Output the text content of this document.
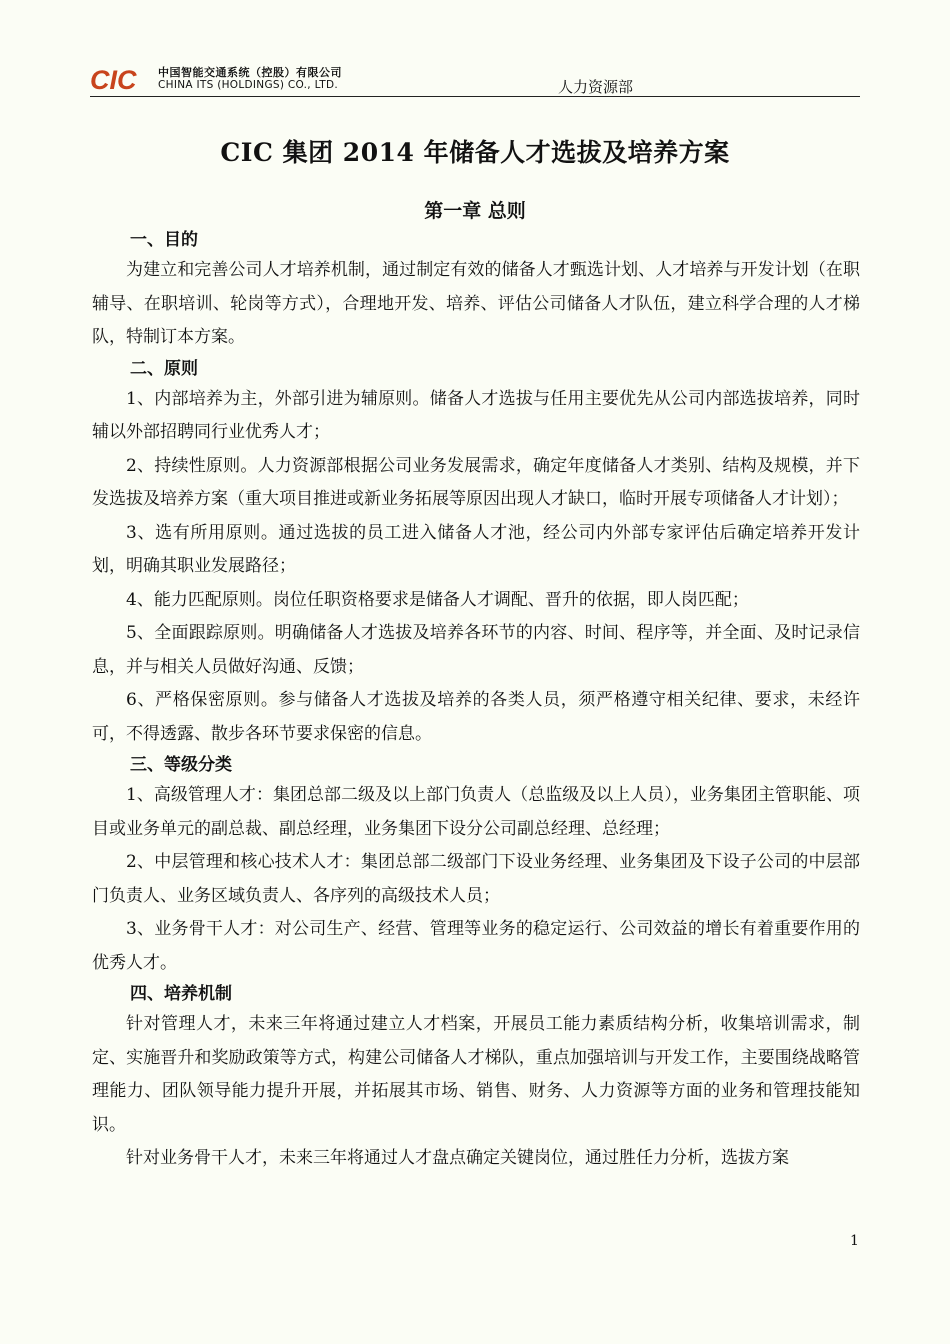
CIC 中国智能交通系统（控股）有限公司
CHINA ITS (HOLDINGS) CO., LTD.	人力资源部
CIC 集团 2014 年储备人才选拔及培养方案
第一章 总则
一、目的

为建立和完善公司人才培养机制，通过制定有效的储备人才甄选计划、人才培养与开发计划（在职辅导、在职培训、轮岗等方式），合理地开发、培养、评估公司储备人才队伍，建立科学合理的人才梯队，特制订本方案。

二、原则

1、内部培养为主，外部引进为辅原则。储备人才选拔与任用主要优先从公司内部选拔培养，同时辅以外部招聘同行业优秀人才；

2、持续性原则。人力资源部根据公司业务发展需求，确定年度储备人才类别、结构及规模，并下发选拔及培养方案（重大项目推进或新业务拓展等原因出现人才缺口，临时开展专项储备人才计划）；

3、选有所用原则。通过选拔的员工进入储备人才池，经公司内外部专家评估后确定培养开发计划，明确其职业发展路径；

4、能力匹配原则。岗位任职资格要求是储备人才调配、晋升的依据，即人岗匹配；

5、全面跟踪原则。明确储备人才选拔及培养各环节的内容、时间、程序等，并全面、及时记录信息，并与相关人员做好沟通、反馈；

6、严格保密原则。参与储备人才选拔及培养的各类人员，须严格遵守相关纪律、要求，未经许可，不得透露、散步各环节要求保密的信息。

三、等级分类

1、高级管理人才：集团总部二级及以上部门负责人（总监级及以上人员），业务集团主管职能、项目或业务单元的副总裁、副总经理，业务集团下设分公司副总经理、总经理；

2、中层管理和核心技术人才：集团总部二级部门下设业务经理、业务集团及下设子公司的中层部门负责人、业务区域负责人、各序列的高级技术人员；

3、业务骨干人才：对公司生产、经营、管理等业务的稳定运行、公司效益的增长有着重要作用的优秀人才。

四、培养机制

针对管理人才，未来三年将通过建立人才档案，开展员工能力素质结构分析，收集培训需求，制定、实施晋升和奖励政策等方式，构建公司储备人才梯队，重点加强培训与开发工作，主要围绕战略管理能力、团队领导能力提升开展，并拓展其市场、销售、财务、人力资源等方面的业务和管理技能知识。

针对业务骨干人才，未来三年将通过人才盘点确定关键岗位，通过胜任力分析，选拔方案

1
